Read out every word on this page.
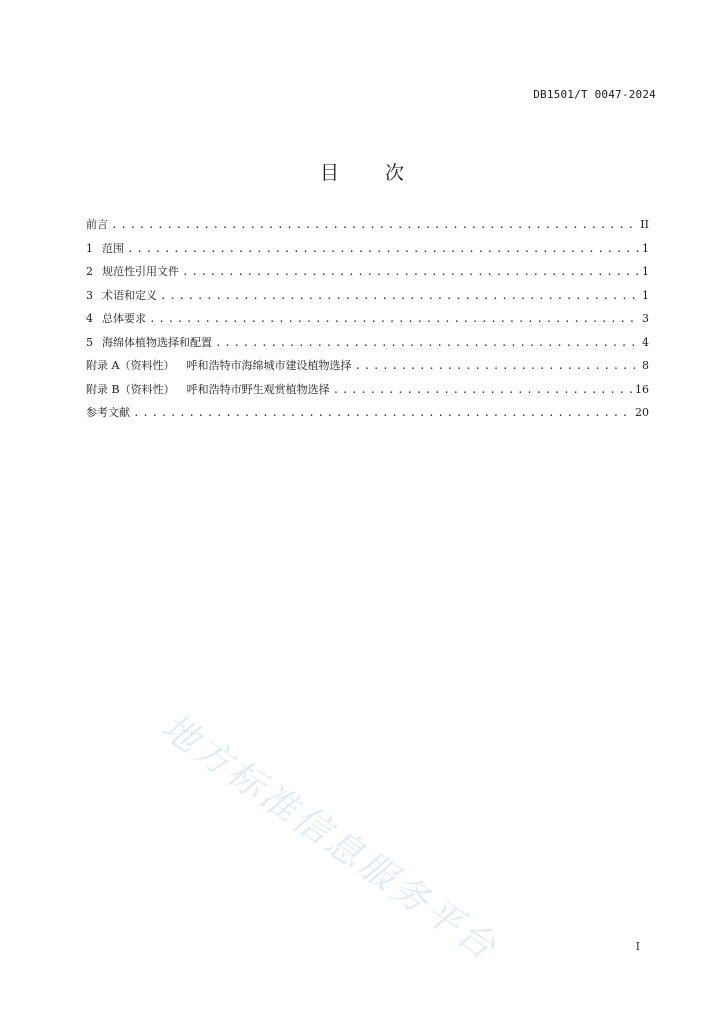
DB1501/T 0047-2024
目 次
前言 .....	II
1 范围 .....	1
2 规范性引用文件 .....	1
3 术语和定义 .....	1
4 总体要求 .....	3
5 海绵体植物选择和配置 .....	4
附录 A（资料性） 呼和浩特市海绵城市建设植物选择 .....	8
附录 B（资料性） 呼和浩特市野生观赏植物选择 .....	16
参考文献 .....	20
地方标准信息服务平台	I
